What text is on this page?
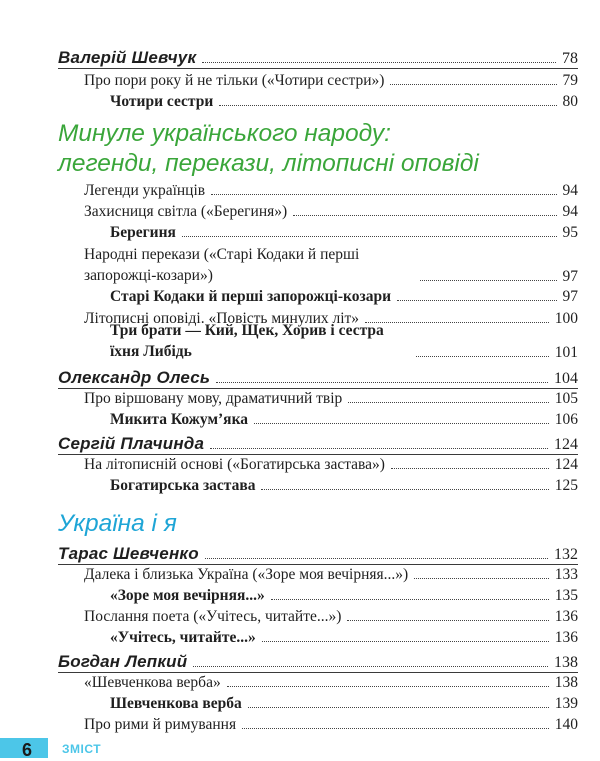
Валерій Шевчук	78
Про пори року й не тільки («Чотири сестри»)	79
Чотири сестри	80
Минуле українського народу:
легенди, перекази, літописні оповіді
Легенди українців	94
Захисниця світла («Берегиня»)	94
Берегиня	95
Народні перекази («Старі Кодаки й перші запорожці-козари»)	97
Старі Кодаки й перші запорожці-козари	97
Літописні оповіді. «Повість минулих літ»	100
Три брати — Кий, Щек, Хорив і сестра їхня Либідь	101
Олександр Олесь	104
Про віршовану мову, драматичний твір	105
Микита Кожум’яка	106
Сергій Плачинда	124
На літописній основі («Богатирська застава»)	124
Богатирська застава	125
Україна і я
Тарас Шевченко	132
Далека і близька Україна («Зоре моя вечірняя...»)	133
«Зоре моя вечірняя...»	135
Послання поета («Учітесь, читайте...»)	136
«Учітесь, читайте...»	136
Богдан Лепкий	138
«Шевченкова верба»	138
Шевченкова верба	139
Про рими й римування	140
6 ЗМІСТ
